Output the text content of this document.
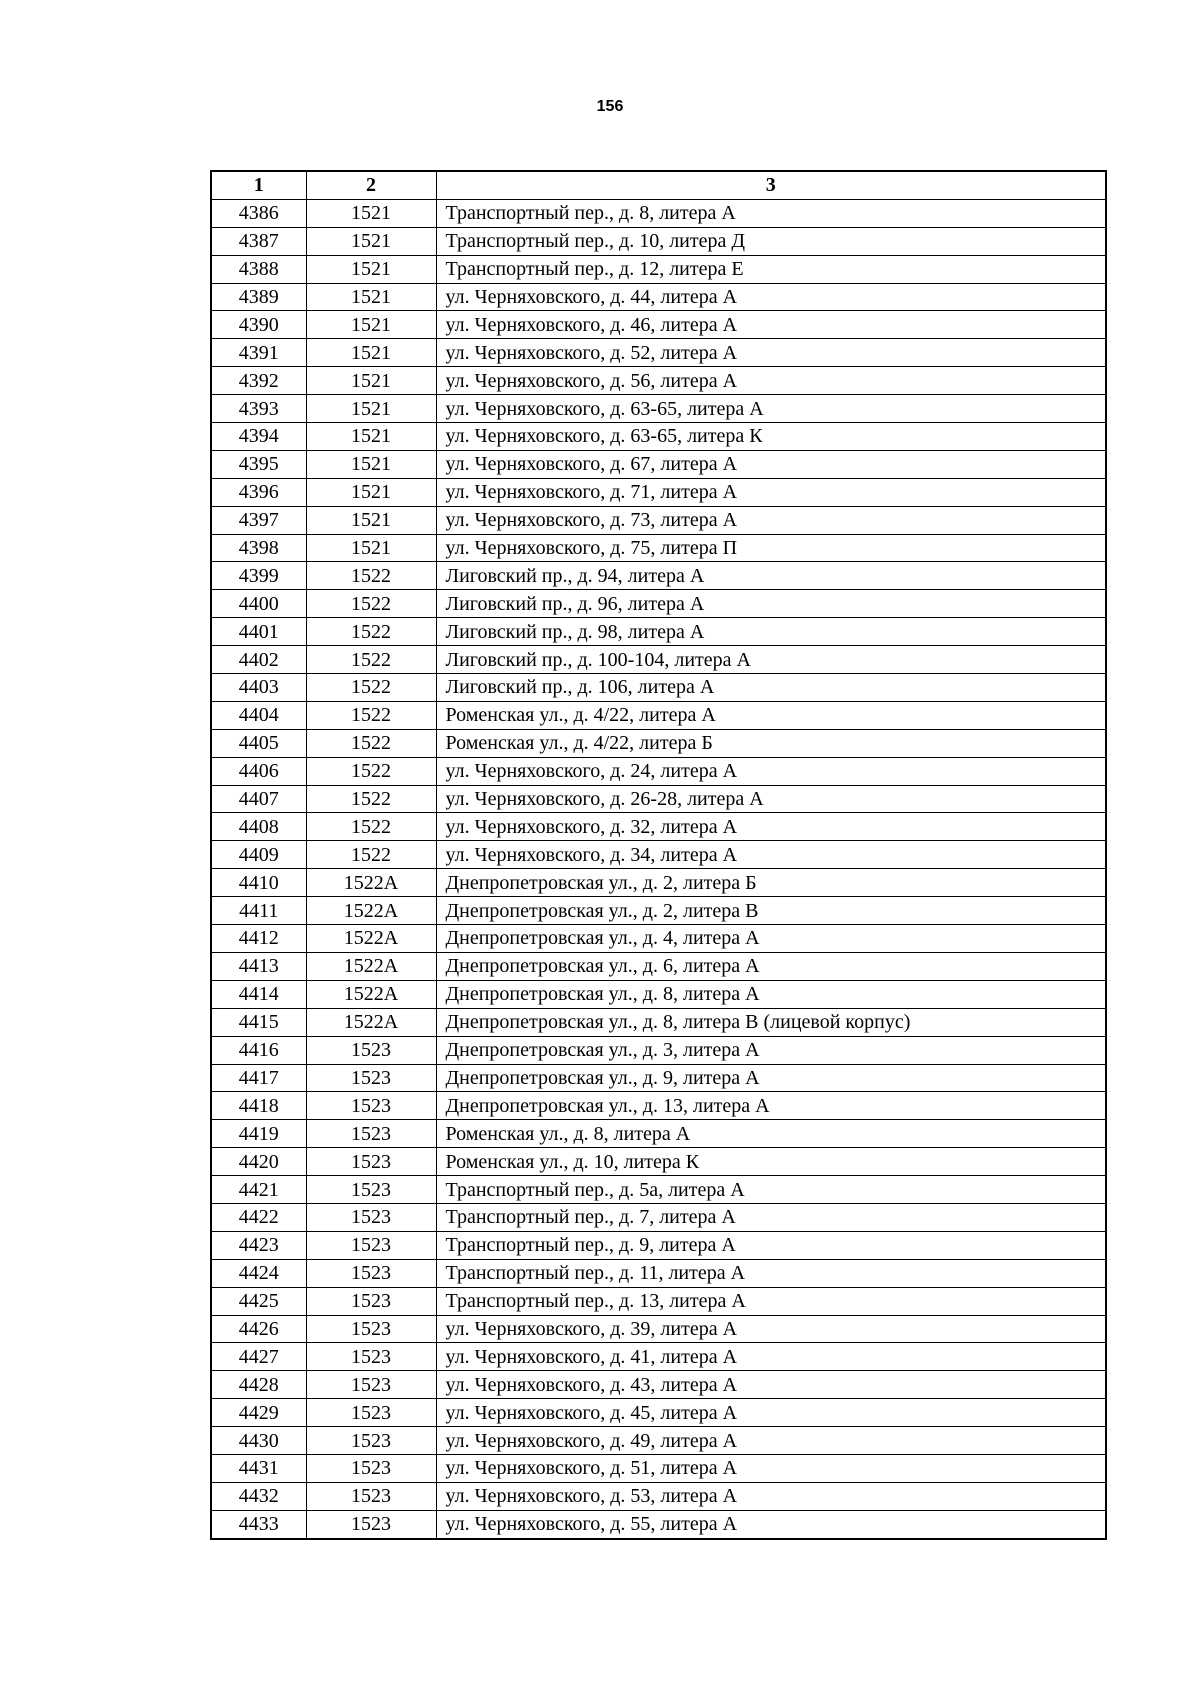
156
1	2	3
4386	1521	Транспортный пер., д. 8, литера А
4387	1521	Транспортный пер., д. 10, литера Д
4388	1521	Транспортный пер., д. 12, литера Е
4389	1521	ул. Черняховского, д. 44, литера А
4390	1521	ул. Черняховского, д. 46, литера А
4391	1521	ул. Черняховского, д. 52, литера А
4392	1521	ул. Черняховского, д. 56, литера А
4393	1521	ул. Черняховского, д. 63-65, литера А
4394	1521	ул. Черняховского, д. 63-65, литера К
4395	1521	ул. Черняховского, д. 67, литера А
4396	1521	ул. Черняховского, д. 71, литера А
4397	1521	ул. Черняховского, д. 73, литера А
4398	1521	ул. Черняховского, д. 75, литера П
4399	1522	Лиговский пр., д. 94, литера А
4400	1522	Лиговский пр., д. 96, литера А
4401	1522	Лиговский пр., д. 98, литера А
4402	1522	Лиговский пр., д. 100-104, литера А
4403	1522	Лиговский пр., д. 106, литера А
4404	1522	Роменская ул., д. 4/22, литера А
4405	1522	Роменская ул., д. 4/22, литера Б
4406	1522	ул. Черняховского, д. 24, литера А
4407	1522	ул. Черняховского, д. 26-28, литера А
4408	1522	ул. Черняховского, д. 32, литера А
4409	1522	ул. Черняховского, д. 34, литера А
4410	1522А	Днепропетровская ул., д. 2, литера Б
4411	1522А	Днепропетровская ул., д. 2, литера В
4412	1522А	Днепропетровская ул., д. 4, литера А
4413	1522А	Днепропетровская ул., д. 6, литера А
4414	1522А	Днепропетровская ул., д. 8, литера А
4415	1522А	Днепропетровская ул., д. 8, литера В (лицевой корпус)
4416	1523	Днепропетровская ул., д. 3, литера А
4417	1523	Днепропетровская ул., д. 9, литера А
4418	1523	Днепропетровская ул., д. 13, литера А
4419	1523	Роменская ул., д. 8, литера А
4420	1523	Роменская ул., д. 10, литера К
4421	1523	Транспортный пер., д. 5а, литера А
4422	1523	Транспортный пер., д. 7, литера А
4423	1523	Транспортный пер., д. 9, литера А
4424	1523	Транспортный пер., д. 11, литера А
4425	1523	Транспортный пер., д. 13, литера А
4426	1523	ул. Черняховского, д. 39, литера А
4427	1523	ул. Черняховского, д. 41, литера А
4428	1523	ул. Черняховского, д. 43, литера А
4429	1523	ул. Черняховского, д. 45, литера А
4430	1523	ул. Черняховского, д. 49, литера А
4431	1523	ул. Черняховского, д. 51, литера А
4432	1523	ул. Черняховского, д. 53, литера А
4433	1523	ул. Черняховского, д. 55, литера А
